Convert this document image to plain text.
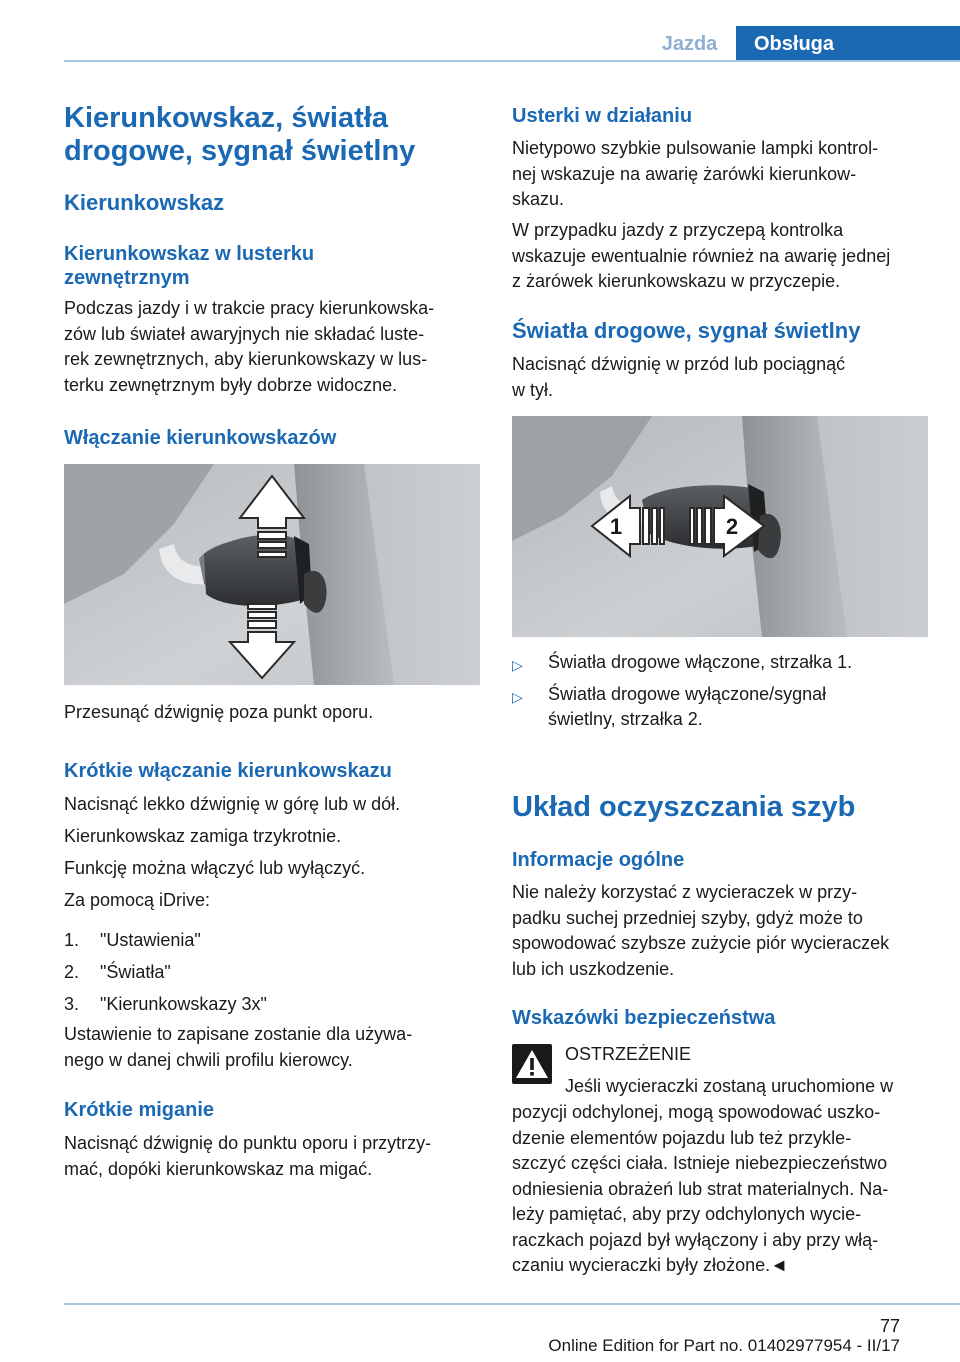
Jazda	Obsługa
Kierunkowskaz, światła
drogowe, sygnał świetlny
Kierunkowskaz
Kierunkowskaz w lusterku
zewnętrznym
Podczas jazdy i w trakcie pracy kierunkowska-
zów lub świateł awaryjnych nie składać luste-
rek zewnętrznych, aby kierunkowskazy w lus-
terku zewnętrznym były dobrze widoczne.
Włączanie kierunkowskazów
Przesunąć dźwignię poza punkt oporu.
Krótkie włączanie kierunkowskazu
Nacisnąć lekko dźwignię w górę lub w dół.
Kierunkowskaz zamiga trzykrotnie.
Funkcję można włączyć lub wyłączyć.
Za pomocą iDrive:
1.	"Ustawienia"
2.	"Światła"
3.	"Kierunkowskazy 3x"
Ustawienie to zapisane zostanie dla używa-
nego w danej chwili profilu kierowcy.
Krótkie miganie
Nacisnąć dźwignię do punktu oporu i przytrzy-
mać, dopóki kierunkowskaz ma migać.
Usterki w działaniu
Nietypowo szybkie pulsowanie lampki kontrol-
nej wskazuje na awarię żarówki kierunkow-
skazu.
W przypadku jazdy z przyczepą kontrolka
wskazuje ewentualnie również na awarię jednej
z żarówek kierunkowskazu w przyczepie.
Światła drogowe, sygnał świetlny
Nacisnąć dźwignię w przód lub pociągnąć
w tył.
1	2
▷	Światła drogowe włączone, strzałka 1.
▷	Światła drogowe wyłączone/sygnał
świetlny, strzałka 2.
Układ oczyszczania szyb
Informacje ogólne
Nie należy korzystać z wycieraczek w przy-
padku suchej przedniej szyby, gdyż może to
spowodować szybsze zużycie piór wycieraczek
lub ich uszkodzenie.
Wskazówki bezpieczeństwa
OSTRZEŻENIE
Jeśli wycieraczki zostaną uruchomione w
pozycji odchylonej, mogą spowodować uszko-
dzenie elementów pojazdu lub też przykle-
szczyć części ciała. Istnieje niebezpieczeństwo
odniesienia obrażeń lub strat materialnych. Na-
leży pamiętać, aby przy odchylonych wycie-
raczkach pojazd był wyłączony i aby przy włą-
czaniu wycieraczki były złożone.◄
77
Online Edition for Part no. 01402977954 - II/17
